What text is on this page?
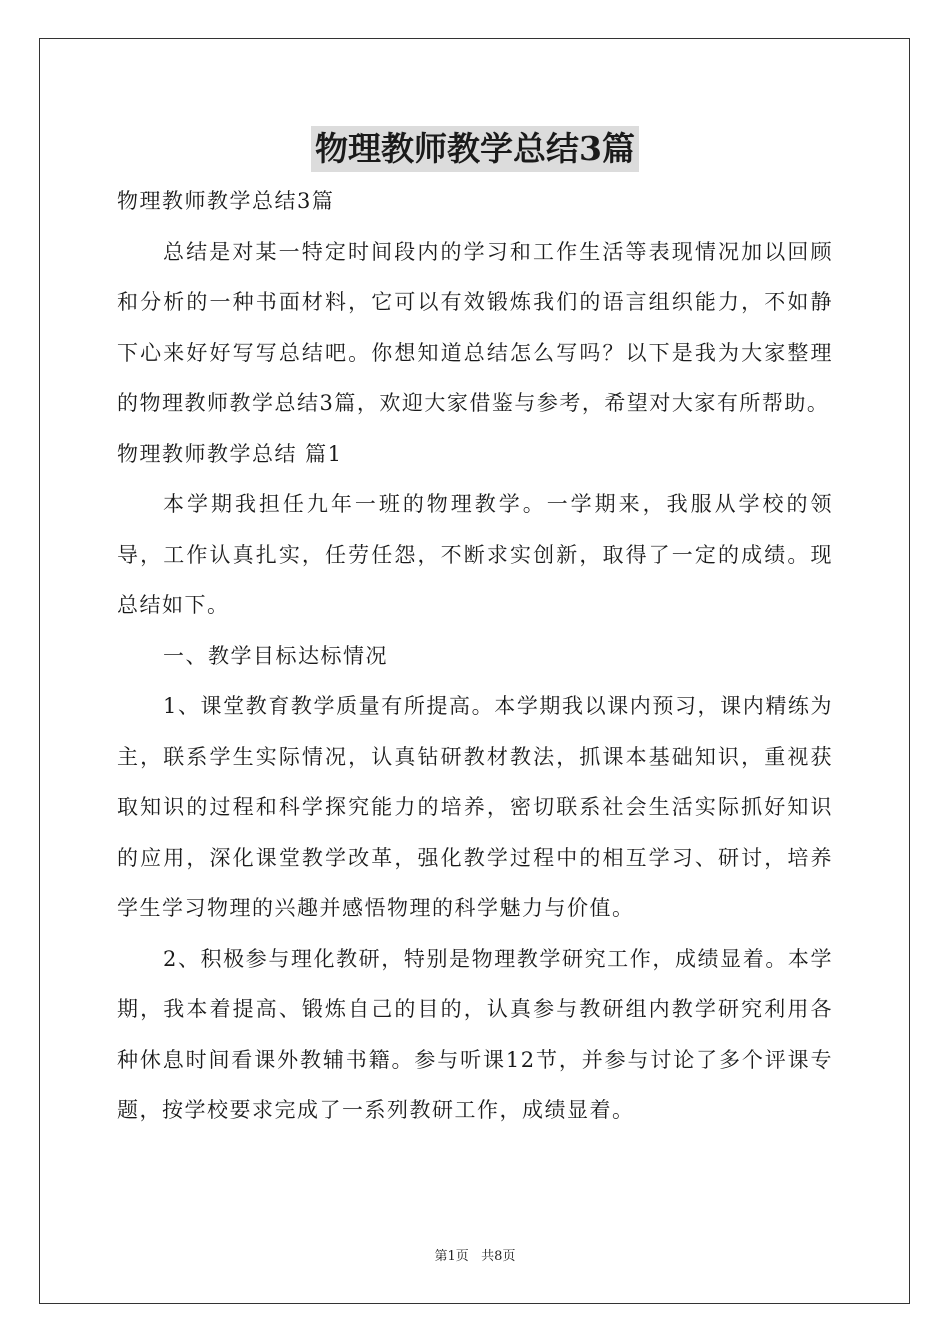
物理教师教学总结3篇

物理教师教学总结3篇

总结是对某一特定时间段内的学习和工作生活等表现情况加以回顾和分析的一种书面材料，它可以有效锻炼我们的语言组织能力，不如静下心来好好写写总结吧。你想知道总结怎么写吗？以下是我为大家整理的物理教师教学总结3篇，欢迎大家借鉴与参考，希望对大家有所帮助。

物理教师教学总结 篇1

本学期我担任九年一班的物理教学。一学期来，我服从学校的领导，工作认真扎实，任劳任怨，不断求实创新，取得了一定的成绩。现总结如下。

一、教学目标达标情况

1、课堂教育教学质量有所提高。本学期我以课内预习，课内精练为主，联系学生实际情况，认真钻研教材教法，抓课本基础知识，重视获取知识的过程和科学探究能力的培养，密切联系社会生活实际抓好知识的应用，深化课堂教学改革，强化教学过程中的相互学习、研讨，培养学生学习物理的兴趣并感悟物理的科学魅力与价值。

2、积极参与理化教研，特别是物理教学研究工作，成绩显着。本学期，我本着提高、锻炼自己的目的，认真参与教研组内教学研究利用各种休息时间看课外教辅书籍。参与听课12节，并参与讨论了多个评课专题，按学校要求完成了一系列教研工作，成绩显着。

第1页   共8页
